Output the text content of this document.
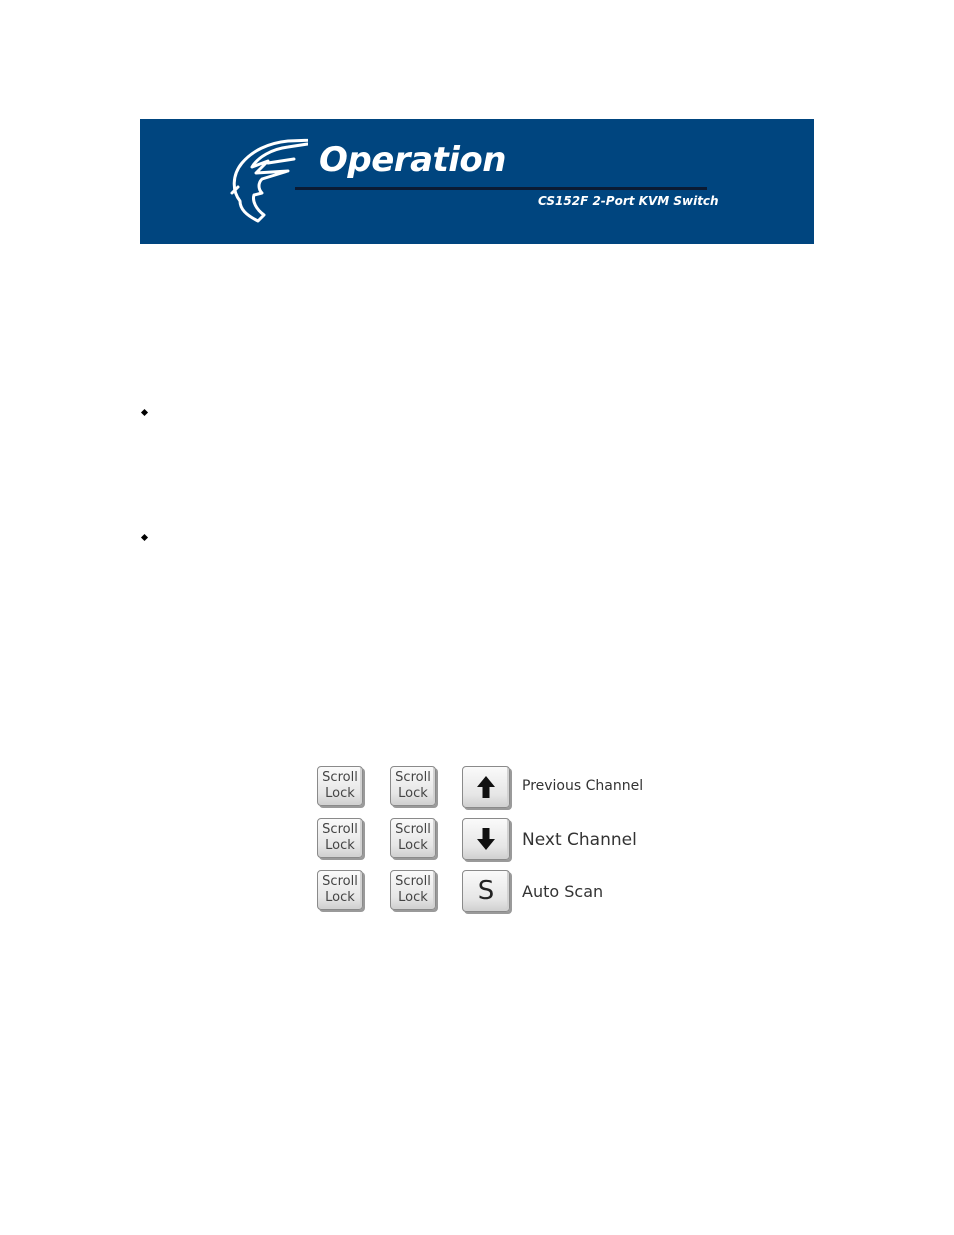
Operation
CS152F 2-Port KVM Switch
Scroll
Lock
Scroll
Lock	Previous Channel
Scroll
Lock
Scroll
Lock	Next Channel
Scroll
Lock
Scroll
Lock S Auto Scan
